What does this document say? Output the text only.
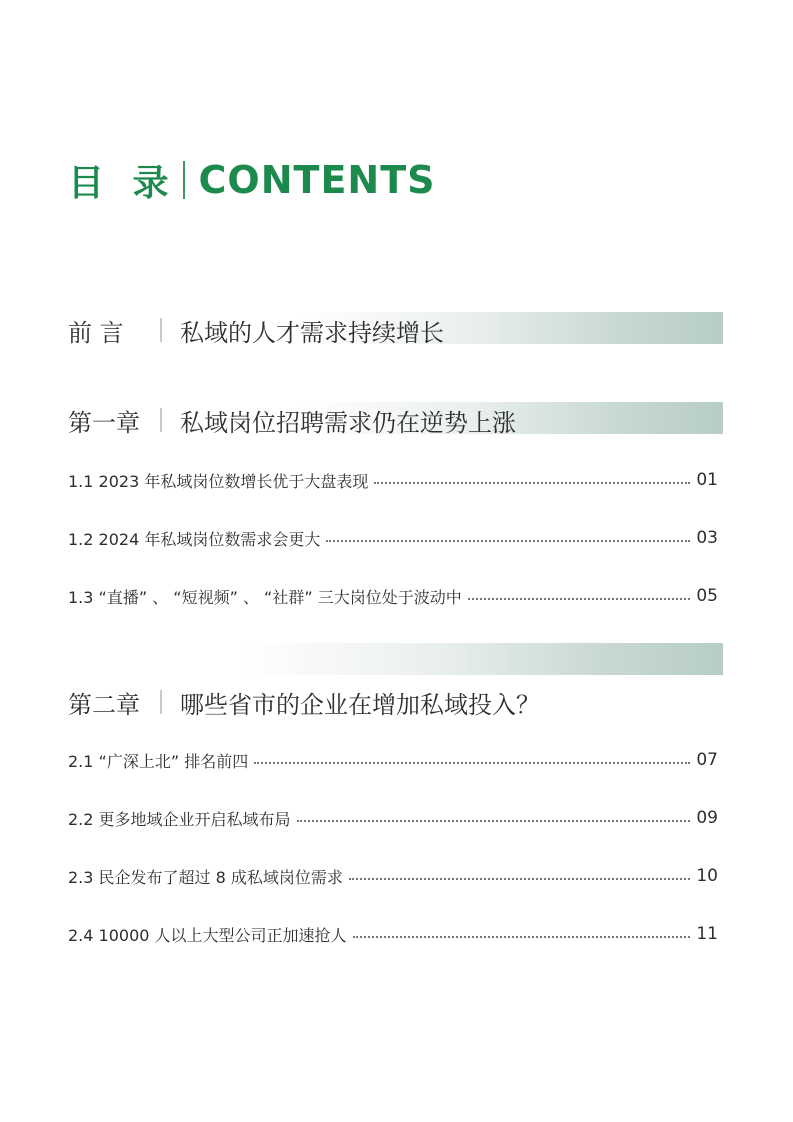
目 录 CONTENTS
前 言	私域的人才需求持续增长
第一章 私域岗位招聘需求仍在逆势上涨
1.1 2023 年私域岗位数增长优于大盘表现	01
1.2 2024 年私域岗位数需求会更大	03
1.3 “直播” 、 “短视频” 、 “社群” 三大岗位处于波动中	05
第二章 哪些省市的企业在增加私域投入？
2.1 “广深上北” 排名前四	07
2.2 更多地域企业开启私域布局	09
2.3 民企发布了超过 8 成私域岗位需求	10
2.4 10000 人以上大型公司正加速抢人	11
